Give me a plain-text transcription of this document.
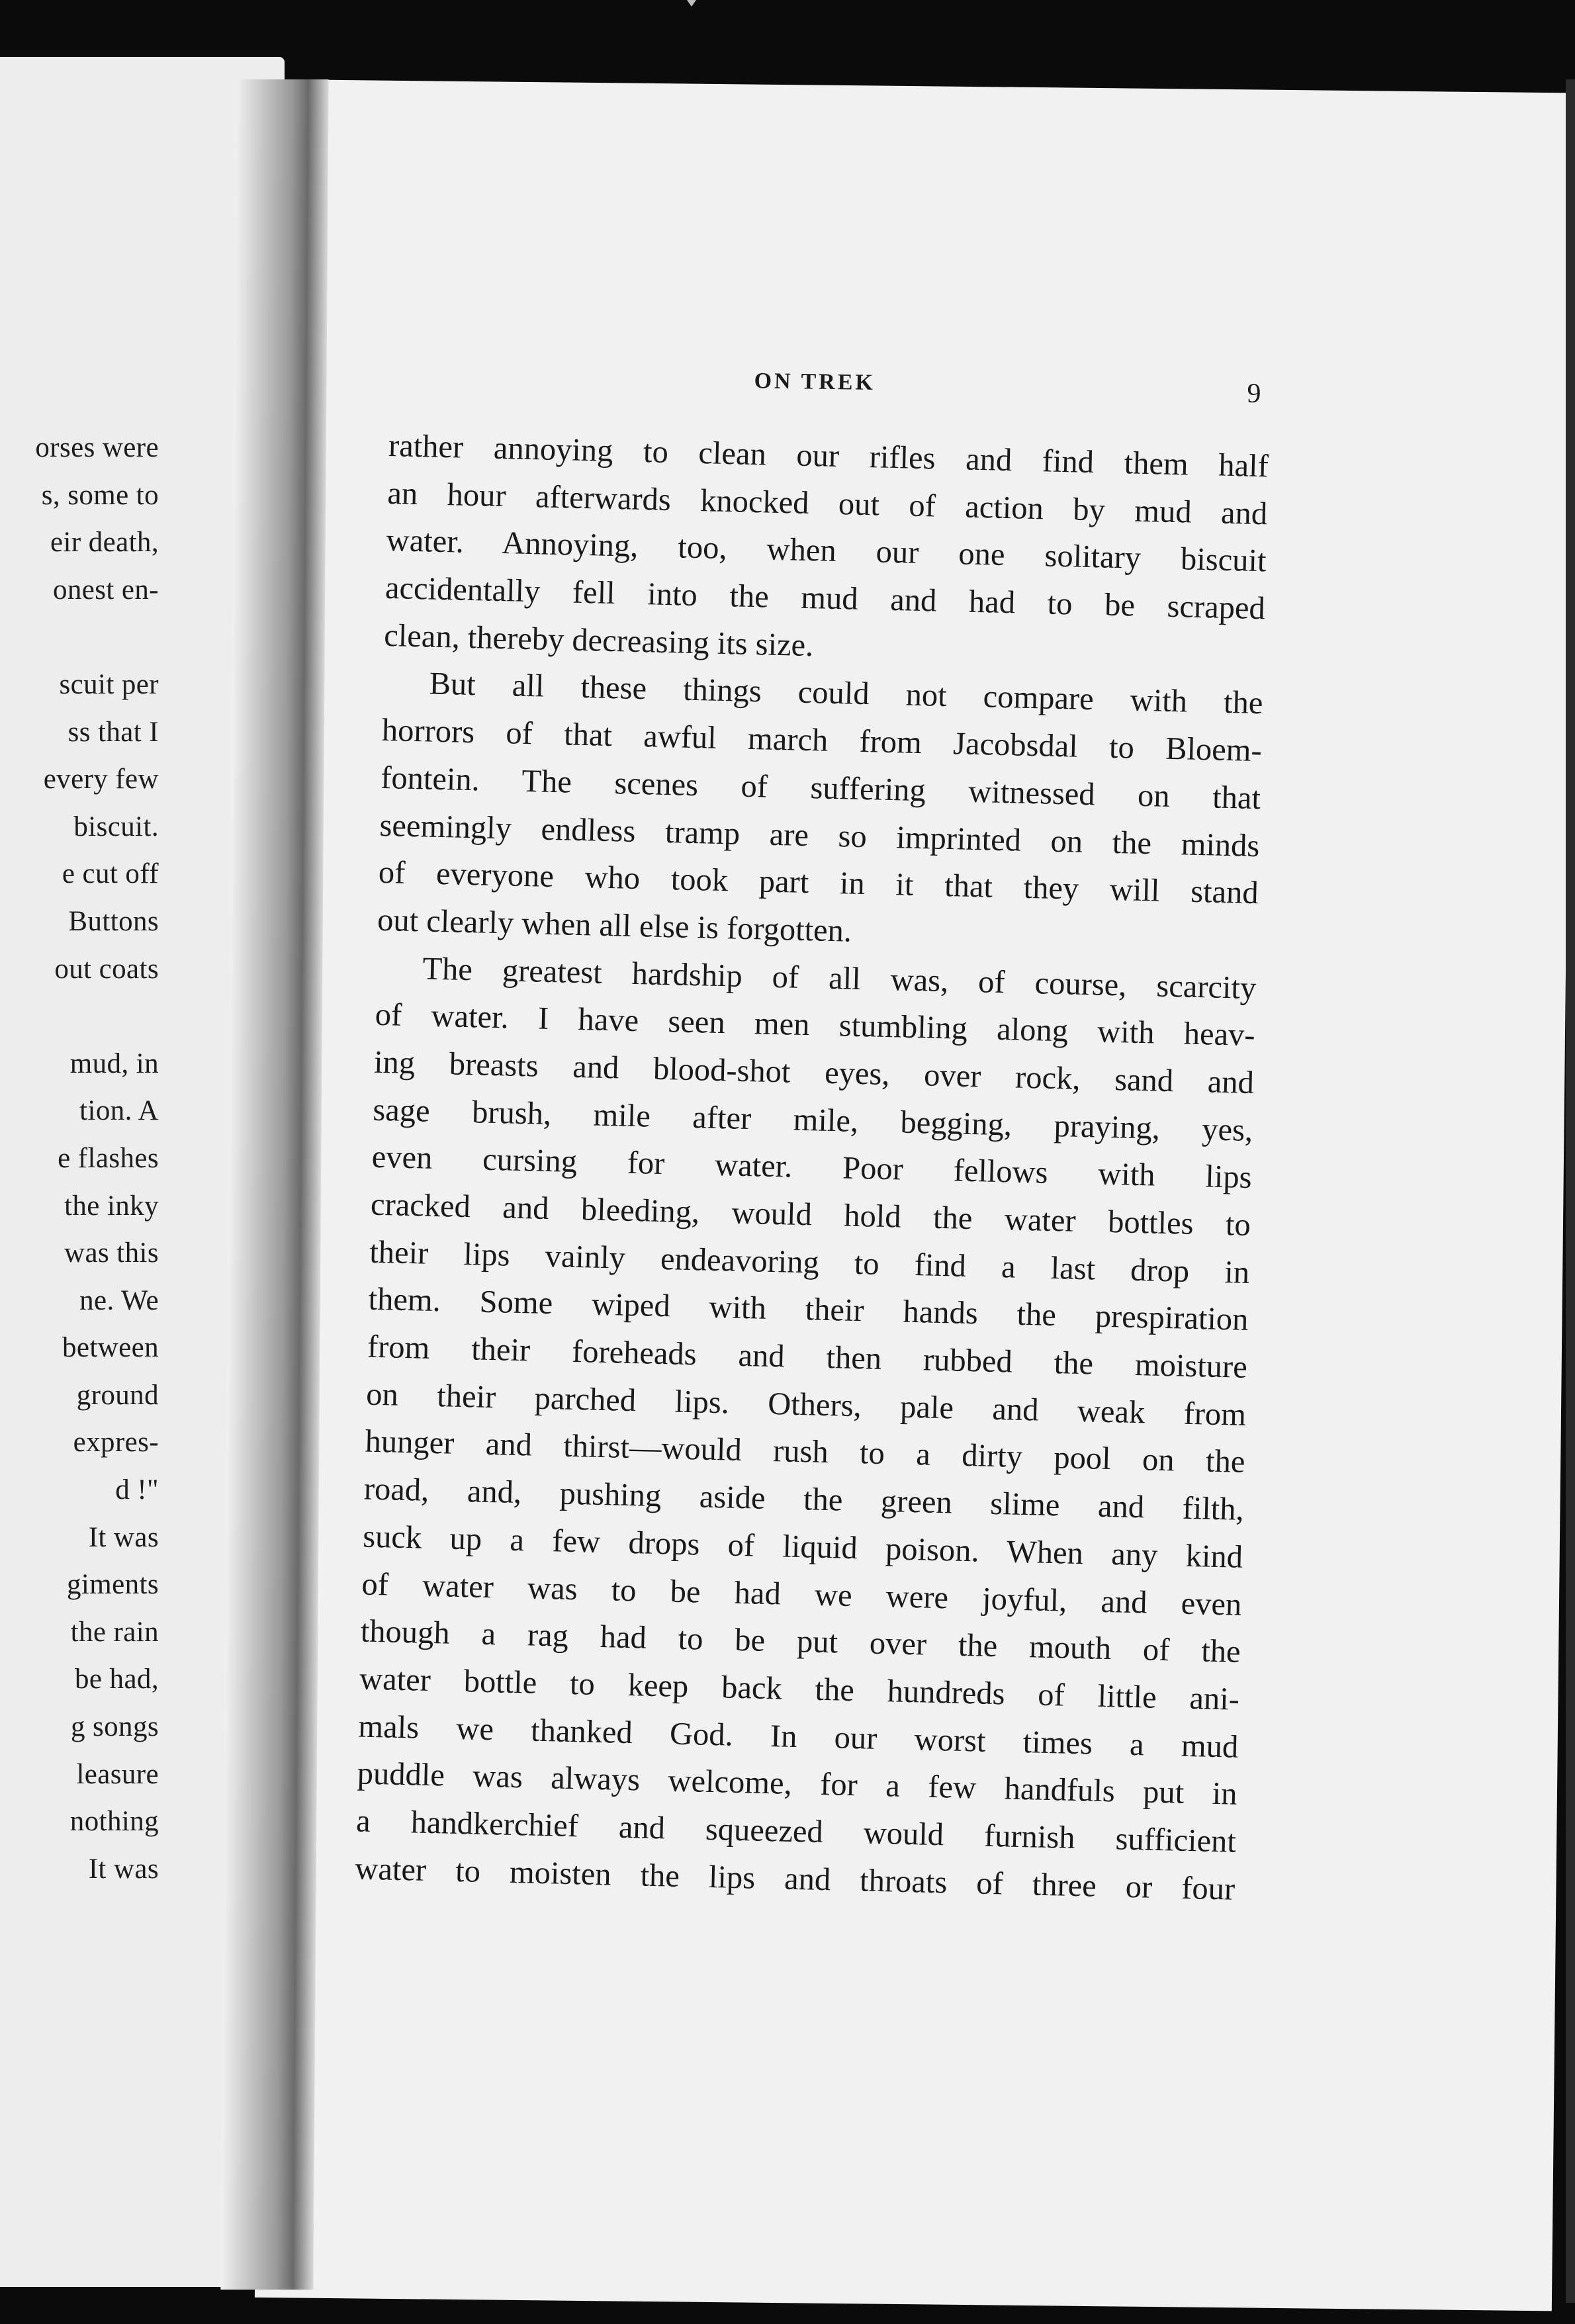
orses were
s, some to
eir death,
onest en-
scuit per
ss that I
every few
biscuit.
e cut off
Buttons
out coats
mud, in
tion. A
e flashes
the inky
was this
ne. We
between
ground
expres-
d !"
It was
giments
the rain
be had,
g songs
leasure
nothing
It was
ON TREK	9
rather annoying to clean our rifles and find them half
an hour afterwards knocked out of action by mud and
water. Annoying, too, when our one solitary biscuit
accidentally fell into the mud and had to be scraped
clean, thereby decreasing its size.
But all these things could not compare with the
horrors of that awful march from Jacobsdal to Bloem-
fontein. The scenes of suffering witnessed on that
seemingly endless tramp are so imprinted on the minds
of everyone who took part in it that they will stand
out clearly when all else is forgotten.
The greatest hardship of all was, of course, scarcity
of water. I have seen men stumbling along with heav-
ing breasts and blood-shot eyes, over rock, sand and
sage brush, mile after mile, begging, praying, yes,
even cursing for water. Poor fellows with lips
cracked and bleeding, would hold the water bottles to
their lips vainly endeavoring to find a last drop in
them. Some wiped with their hands the prespiration
from their foreheads and then rubbed the moisture
on their parched lips. Others, pale and weak from
hunger and thirst—would rush to a dirty pool on the
road, and, pushing aside the green slime and filth,
suck up a few drops of liquid poison. When any kind
of water was to be had we were joyful, and even
though a rag had to be put over the mouth of the
water bottle to keep back the hundreds of little ani-
mals we thanked God. In our worst times a mud
puddle was always welcome, for a few handfuls put in
a handkerchief and squeezed would furnish sufficient
water to moisten the lips and throats of three or four
